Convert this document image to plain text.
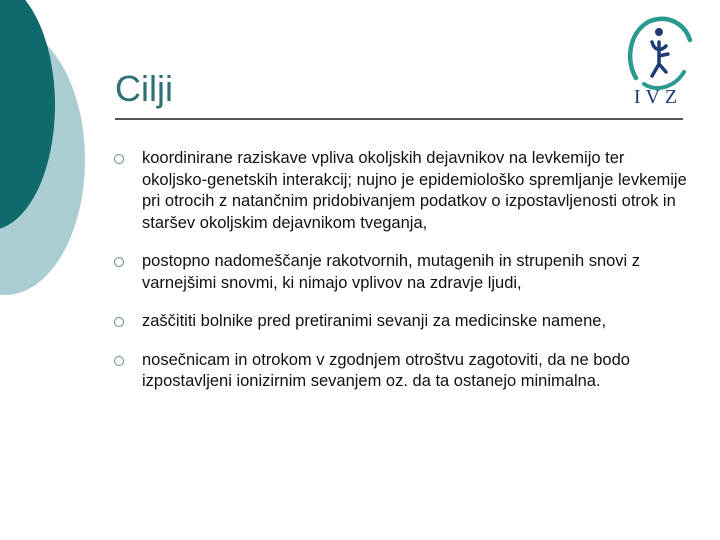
Cilji	IVZ
koordinirane raziskave vpliva okoljskih dejavnikov na levkemijo ter okoljsko-genetskih interakcij; nujno je epidemiološko spremljanje levkemije pri otrocih z natančnim pridobivanjem podatkov o izpostavljenosti otrok in staršev okoljskim dejavnikom tveganja,
postopno nadomeščanje rakotvornih, mutagenih in strupenih snovi z varnejšimi snovmi, ki nimajo vplivov na zdravje ljudi,
zaščititi bolnike pred pretiranimi sevanji za medicinske namene,
nosečnicam in otrokom v zgodnjem otroštvu zagotoviti, da ne bodo izpostavljeni ionizirnim sevanjem oz. da ta ostanejo minimalna.
